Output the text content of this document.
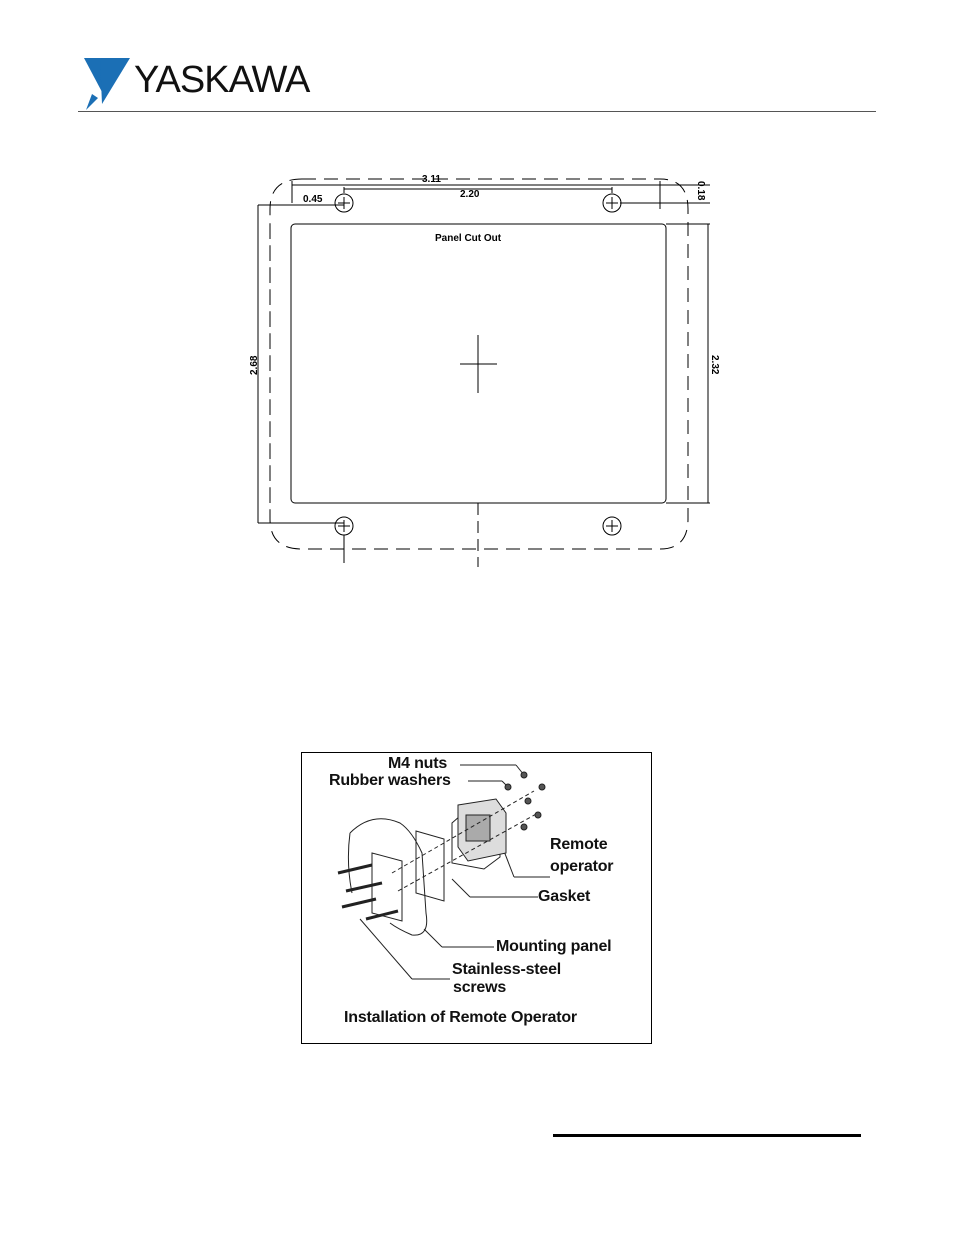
YASKAWA
3.11
2.20
0.45	0.18
2.68	2.32
Panel Cut Out
M4 nuts
Rubber washers
Remote
operator
Gasket
Mounting panel
Stainless-steel
screws
Installation of Remote Operator
